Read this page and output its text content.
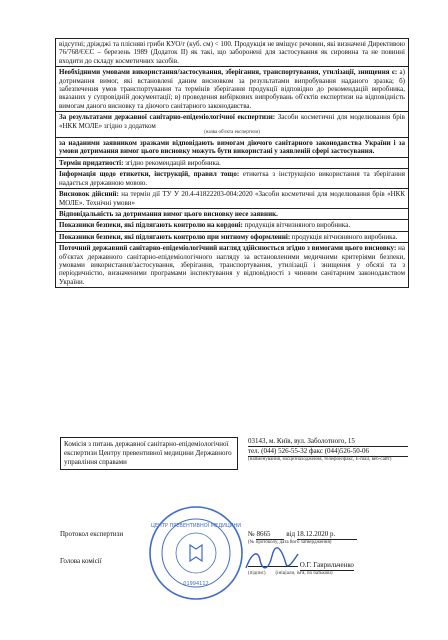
відсутні; дріжджі та плісняві гриби КУО/г (куб. см) < 100. Продукція не вміщує речовин, які визначені Директивою 76/768/ЄЄС – березень 1989 (Додаток II) як такі, що заборонені для застосування як сировина та не повинні входити до складу косметичних засобів.
Необхідними умовами використання/застосування, зберігання, транспортування, утилізації, знищення є: а) дотримання вимог, які встановлені даним висновком за результатами випробування наданого зразка; б) забезпечення умов транспортування та термінів зберігання продукції відповідно до рекомендацій виробника, вказаних у супровідній документації; в) проведення вибіркових випробувань об'єктів експертизи на відповідність вимогам даного висновку та діючого санітарного законодавства.
За результатами державної санітарно-епідеміологічної експертизи: Засоби косметичні для моделювання брів «НКК МОЛЕ» згідно з додатком
(назва об'єкта експертизи)
за наданими заявником зразками відповідають вимогам діючого санітарного законодавства України і за умови дотримання вимог цього висновку можуть бути використані у заявленій сфері застосування.
Термін придатності: згідно рекомендацій виробника.
Інформація щодо етикетки, інструкцій, правил тощо: етикетка з інструкцією використання та зберігання надається державною мовою.
Висновок дійсний: на термін дії ТУ У 20.4-41822203-004:2020 «Засоби косметичні для моделювання брів «НКК МОЛЕ». Технічні умови»
Відповідальність за дотримання вимог цього висновку несе заявник.
Показники безпеки, які підлягають контролю на кордоні: продукція вітчизняного виробника.
Показники безпеки, які підлягають контролю при митному оформленні: продукція вітчизняного виробника.
Поточний державний санітарно-епідеміологічний нагляд здійснюється згідно з вимогами цього висновку: на об'єктах державного санітарно-епідеміологічного нагляду за встановленими медичними критеріями безпеки, умовами використання/застосування, зберігання, транспортування, утилізації і знищення у обсязі та з періодичністю, визначеними програмами інспектування у відповідності з чинним санітарним законодавством України.
Комісія з питань державної санітарно-епідеміологічної експертизи Центру превентивної медицини Державного управління справами
03143, м. Київ, вул. Заболотного, 15 тел. (044) 526-55-32 факс (044)526-50-06
(найменування, місцезнаходження, телефон/факс, E-mail, веб-сайт)
Протокол експертизи	№ 8665 від 18.12.2020 р.
(№ протоколу, дата його затвердження)
Голова комісії	О.Г. Гаврильченко
(підпис) (ініціали, ім'я, по батькові)
ЦЕНТР ПРЕВЕНТИВНОЇ МЕДИЦИНИ
01994112
